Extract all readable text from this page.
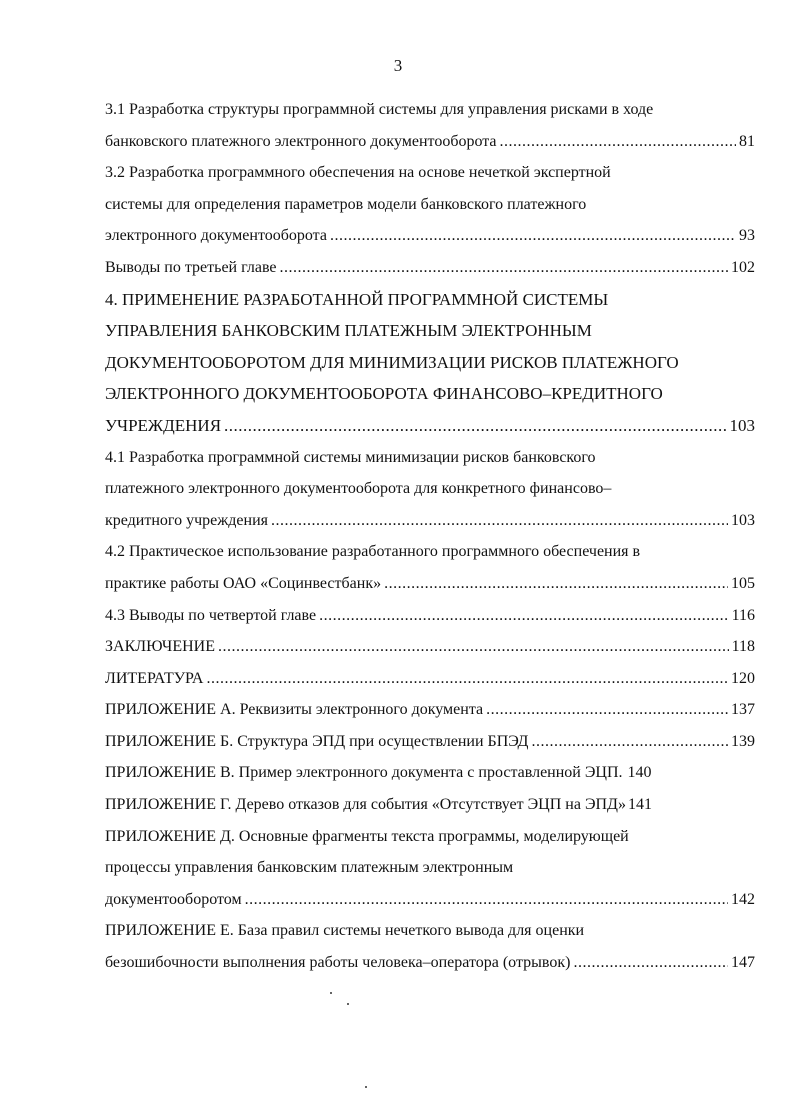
3
3.1 Разработка структуры программной системы для управления рисками в ходе
банковского платежного электронного документооборота .....	81
3.2 Разработка программного обеспечения на основе нечеткой экспертной
системы для определения параметров модели банковского платежного
электронного документооборота .....	93
Выводы по третьей главе .....	102
4. ПРИМЕНЕНИЕ РАЗРАБОТАННОЙ ПРОГРАММНОЙ СИСТЕМЫ
УПРАВЛЕНИЯ БАНКОВСКИМ ПЛАТЕЖНЫМ ЭЛЕКТРОННЫМ
ДОКУМЕНТООБОРОТОМ ДЛЯ МИНИМИЗАЦИИ РИСКОВ ПЛАТЕЖНОГО
ЭЛЕКТРОННОГО ДОКУМЕНТООБОРОТА ФИНАНСОВО–КРЕДИТНОГО
УЧРЕЖДЕНИЯ .....	103
4.1 Разработка программной системы минимизации рисков банковского
платежного электронного документооборота для конкретного финансово–
кредитного учреждения .....	103
4.2 Практическое использование разработанного программного обеспечения в
практике работы ОАО «Социнвестбанк» .....	105
4.3 Выводы по четвертой главе .....	116
ЗАКЛЮЧЕНИЕ .....	118
ЛИТЕРАТУРА .....	120
ПРИЛОЖЕНИЕ А. Реквизиты электронного документа .....	137
ПРИЛОЖЕНИЕ Б. Структура ЭПД при осуществлении БПЭД .....	139
ПРИЛОЖЕНИЕ В. Пример электронного документа с проставленной ЭЦП. 140
ПРИЛОЖЕНИЕ Г. Дерево отказов для события «Отсутствует ЭЦП на ЭПД» 141
ПРИЛОЖЕНИЕ Д. Основные фрагменты текста программы, моделирующей
процессы управления банковским платежным электронным
документооборотом .....	142
ПРИЛОЖЕНИЕ Е. База правил системы нечеткого вывода для оценки
безошибочности выполнения работы человека–оператора (отрывок) .....	147
